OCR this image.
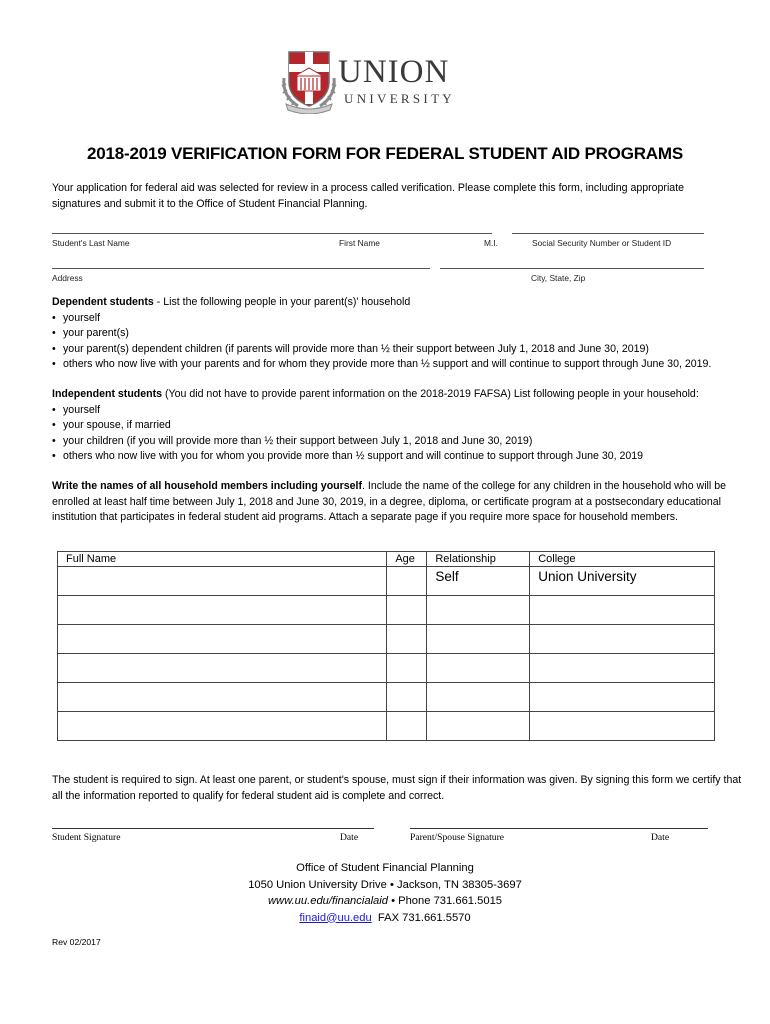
UNION
UNIVERSITY
2018-2019 VERIFICATION FORM FOR FEDERAL STUDENT AID PROGRAMS
Your application for federal aid was selected for review in a process called verification. Please complete this form, including appropriate signatures and submit it to the Office of Student Financial Planning.
Student's Last Name	First Name	M.I.	Social Security Number or Student ID
Address	City, State, Zip
Dependent students - List the following people in your parent(s)' household
• yourself
• your parent(s)
• your parent(s) dependent children (if parents will provide more than ½ their support between July 1, 2018 and June 30, 2019)
• others who now live with your parents and for whom they provide more than ½ support and will continue to support through June 30, 2019.
Independent students (You did not have to provide parent information on the 2018-2019 FAFSA) List following people in your household:
• yourself
• your spouse, if married
• your children (if you will provide more than ½ their support between July 1, 2018 and June 30, 2019)
• others who now live with you for whom you provide more than ½ support and will continue to support through June 30, 2019
Write the names of all household members including yourself. Include the name of the college for any children in the household who will be enrolled at least half time between July 1, 2018 and June 30, 2019, in a degree, diploma, or certificate program at a postsecondary educational institution that participates in federal student aid programs. Attach a separate page if you require more space for household members.
Full Name	Age	Relationship	College
		Self	Union University

The student is required to sign. At least one parent, or student's spouse, must sign if their information was given. By signing this form we certify that all the information reported to qualify for federal student aid is complete and correct.
Student Signature	Date	Parent/Spouse Signature	Date
Office of Student Financial Planning
1050 Union University Drive • Jackson, TN 38305-3697
www.uu.edu/financialaid • Phone 731.661.5015
finaid@uu.edu FAX 731.661.5570
Rev 02/2017
